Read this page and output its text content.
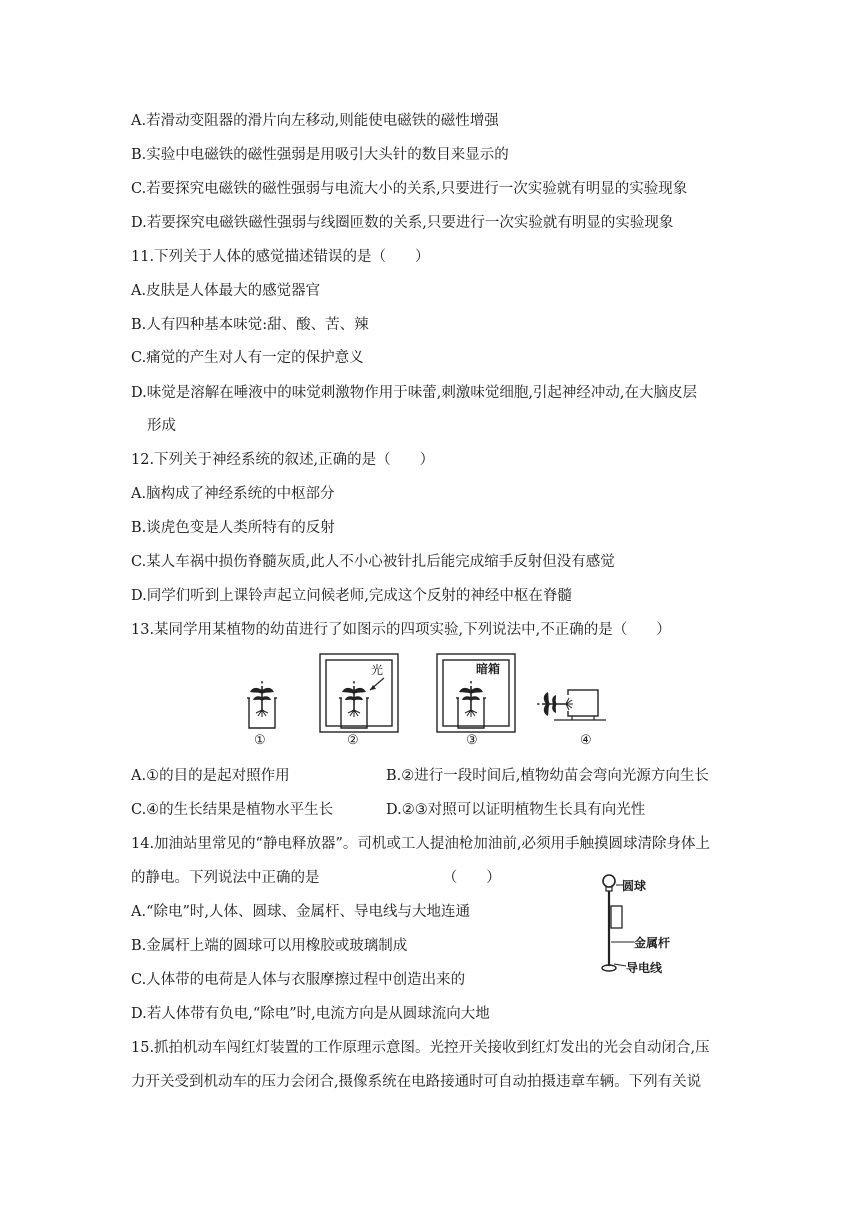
A.若滑动变阻器的滑片向左移动,则能使电磁铁的磁性增强
B.实验中电磁铁的磁性强弱是用吸引大头针的数目来显示的
C.若要探究电磁铁的磁性强弱与电流大小的关系,只要进行一次实验就有明显的实验现象
D.若要探究电磁铁磁性强弱与线圈匝数的关系,只要进行一次实验就有明显的实验现象
11.下列关于人体的感觉描述错误的是（　　）
A.皮肤是人体最大的感觉器官
B.人有四种基本味觉:甜、酸、苦、辣
C.痛觉的产生对人有一定的保护意义
D.味觉是溶解在唾液中的味觉刺激物作用于味蕾,刺激味觉细胞,引起神经冲动,在大脑皮层
形成
12.下列关于神经系统的叙述,正确的是（　　）
A.脑构成了神经系统的中枢部分
B.谈虎色变是人类所特有的反射
C.某人车祸中损伤脊髓灰质,此人不小心被针扎后能完成缩手反射但没有感觉
D.同学们听到上课铃声起立问候老师,完成这个反射的神经中枢在脊髓
13.某同学用某植物的幼苗进行了如图示的四项实验,下列说法中,不正确的是（　　）
光	暗箱
①	②	③	④
A.①的目的是起对照作用	B.②进行一段时间后,植物幼苗会弯向光源方向生长
C.④的生长结果是植物水平生长	D.②③对照可以证明植物生长具有向光性
14.加油站里常见的“静电释放器”。司机或工人提油枪加油前,必须用手触摸圆球清除身体上
的静电。下列说法中正确的是　　　　　　　　　（　　）
A.“除电”时,人体、圆球、金属杆、导电线与大地连通
B.金属杆上端的圆球可以用橡胶或玻璃制成
C.人体带的电荷是人体与衣服摩擦过程中创造出来的
D.若人体带有负电,“除电”时,电流方向是从圆球流向大地
圆球
金属杆
导电线
15.抓拍机动车闯红灯装置的工作原理示意图。光控开关接收到红灯发出的光会自动闭合,压
力开关受到机动车的压力会闭合,摄像系统在电路接通时可自动拍摄违章车辆。下列有关说
